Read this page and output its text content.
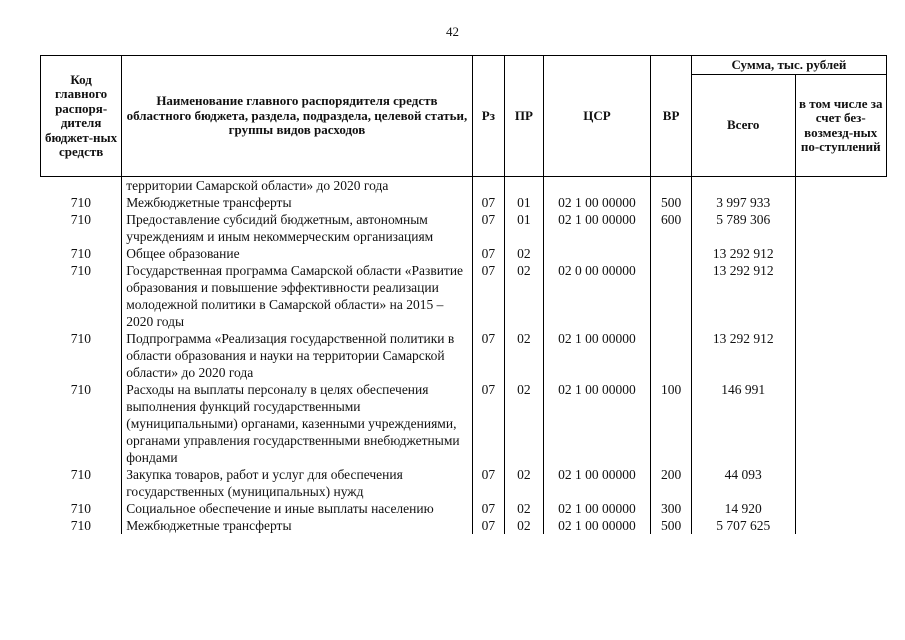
42
Код главного распоря-дителя бюджет-ных средств	Наименование главного распорядителя средств областного бюджета, раздела, подраздела, целевой статьи, группы видов расходов	Рз	ПР	ЦСР	ВР	Сумма, тыс. рублей	
						Всего	в том числе за счет без-возмезд-ных по-ступлений
	территории Самарской области» до 2020 года						
710	Межбюджетные трансферты	07	01	02 1 00 00000	500	3 997 933	
710	Предоставление субсидий бюджетным, автономным учреждениям и иным некоммерческим организациям	07	01	02 1 00 00000	600	5 789 306	
710	Общее образование	07	02			13 292 912	
710	Государственная программа Самарской области «Развитие образования и повышение эффективности реализации молодежной политики в Самарской области» на 2015 – 2020 годы	07	02	02 0 00 00000		13 292 912	
710	Подпрограмма «Реализация государственной политики в области образования и науки на территории Самарской области» до 2020 года	07	02	02 1 00 00000		13 292 912	
710	Расходы на выплаты персоналу в целях обеспечения выполнения функций государственными (муниципальными) органами, казенными учреждениями, органами управления государственными внебюджетными фондами	07	02	02 1 00 00000	100	146 991	
710	Закупка товаров, работ и услуг для обеспечения государственных (муниципальных) нужд	07	02	02 1 00 00000	200	44 093	
710	Социальное обеспечение и иные выплаты населению	07	02	02 1 00 00000	300	14 920	
710	Межбюджетные трансферты	07	02	02 1 00 00000	500	5 707 625	
